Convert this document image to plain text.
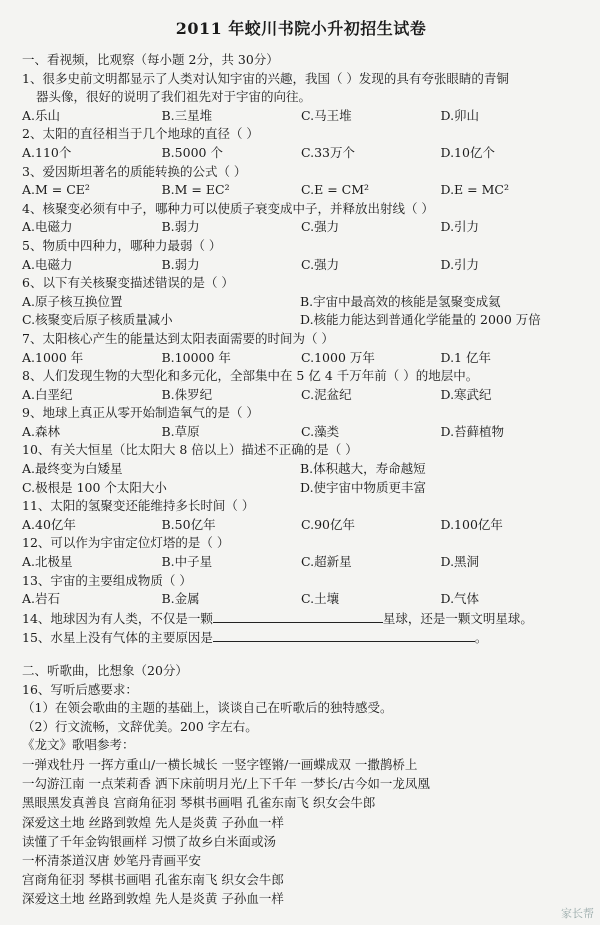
2011 年蛟川书院小升初招生试卷
一、看视频，比观察（每小题 2分，共 30分）
1、很多史前文明都显示了人类对认知宇宙的兴趣，我国（ ）发现的具有夸张眼睛的青铜
器头像，很好的说明了我们祖先对于宇宙的向往。
A.乐山	B.三星堆	C.马王堆	D.卯山
2、太阳的直径相当于几个地球的直径（ ）
A.110个	B.5000 个	C.33万个	D.10亿个
3、爱因斯坦著名的质能转换的公式（ ）
A.M = CE²	B.M = EC²	C.E = CM²	D.E = MC²
4、核聚变必须有中子，哪种力可以使质子衰变成中子，并释放出射线（ ）
A.电磁力	B.弱力	C.强力	D.引力
5、物质中四种力，哪种力最弱（ ）
A.电磁力	B.弱力	C.强力	D.引力
6、以下有关核聚变描述错误的是（ ）
A.原子核互换位置	B.宇宙中最高效的核能是氢聚变成氦
C.核聚变后原子核质量减小	D.核能力能达到普通化学能量的 2000 万倍
7、太阳核心产生的能量达到太阳表面需要的时间为（ ）
A.1000 年	B.10000 年	C.1000 万年	D.1 亿年
8、人们发现生物的大型化和多元化，全部集中在 5 亿 4 千万年前（ ）的地层中。
A.白垩纪	B.侏罗纪	C.泥盆纪	D.寒武纪
9、地球上真正从零开始制造氧气的是（ ）
A.森林	B.草原	C.藻类	D.苔藓植物
10、有关大恒星（比太阳大 8 倍以上）描述不正确的是（ ）
A.最终变为白矮星	B.体积越大，寿命越短
C.极根是 100 个太阳大小	D.使宇宙中物质更丰富
11、太阳的氢聚变还能维持多长时间（ ）
A.40亿年	B.50亿年	C.90亿年	D.100亿年
12、可以作为宇宙定位灯塔的是（ ）
A.北极星	B.中子星	C.超新星	D.黑洞
13、宇宙的主要组成物质（ ）
A.岩石	B.金属	C.土壤	D.气体
14、地球因为有人类，不仅是一颗	星球，还是一颗文明星球。
15、水星上没有气体的主要原因是	。
二、听歌曲，比想象（20分）
16、写听后感要求：
（1）在领会歌曲的主题的基础上，谈谈自己在听歌后的独特感受。
（2）行文流畅，文辞优美。200 字左右。
《龙文》歌唱参考：
一弹戏牡丹 一挥方重山/一横长城长 一竖字铿锵/一画蝶成双 一撒鹊桥上
一勾游江南 一点茉莉香 洒下床前明月光/上下千年 一梦长/古今如一龙凤凰
黑眼黑发真善良 宫商角征羽 琴棋书画唱 孔雀东南飞 织女会牛郎
深爱这土地 丝路到敦煌 先人是炎黄 子孙血一样
读懂了千年金钩银画样 习惯了故乡白米面或汤
一杯清茶道汉唐 妙笔丹青画平安
宫商角征羽 琴棋书画唱 孔雀东南飞 织女会牛郎
深爱这土地 丝路到敦煌 先人是炎黄 子孙血一样
家长帮
